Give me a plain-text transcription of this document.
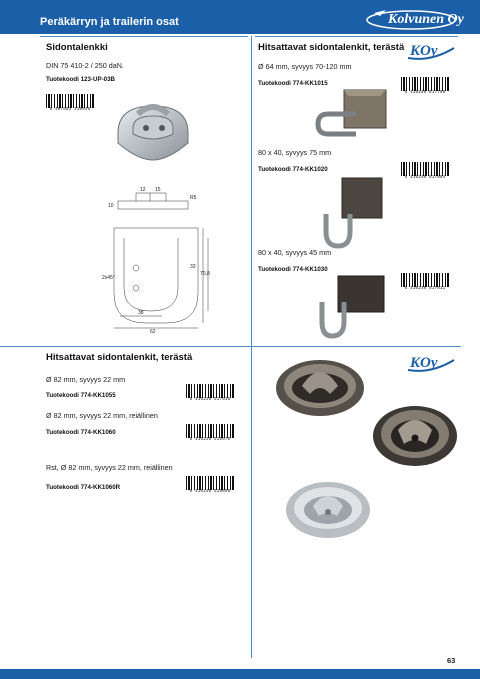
Peräkärryn ja trailerin osat	Kolvunen Oy
Sidontalenkki
DIN 75 410-2 / 250 daN.
Tuotekoodi 123-UP-03B
5 407603 310046
12 15
R5
10
2x45°
33
70,8
38
62
Hitsattavat sidontalenkit, terästä KOy
Ø 64 mm, syvyys 70-120 mm
Tuotekoodi 774-KK1015
6 416240 517799
80 x 40, syvyys 75 mm
Tuotekoodi 774-KK1020
6 416240 517804
80 x 40, syvyys 45 mm
Tuotekoodi 774-KK1030
6 416240 517811
Hitsattavat sidontalenkit, terästä	KOy
Ø 82 mm, syvyys 22 mm
Tuotekoodi 774-KK1055
6 416240 517835
Ø 82 mm, syvyys 22 mm, reiällinen
Tuotekoodi 774-KK1060
6 416240 519570
Rst, Ø 82 mm, syvyys 22 mm, reiällinen
Tuotekoodi 774-KK1060R
6 416240 519698
63
